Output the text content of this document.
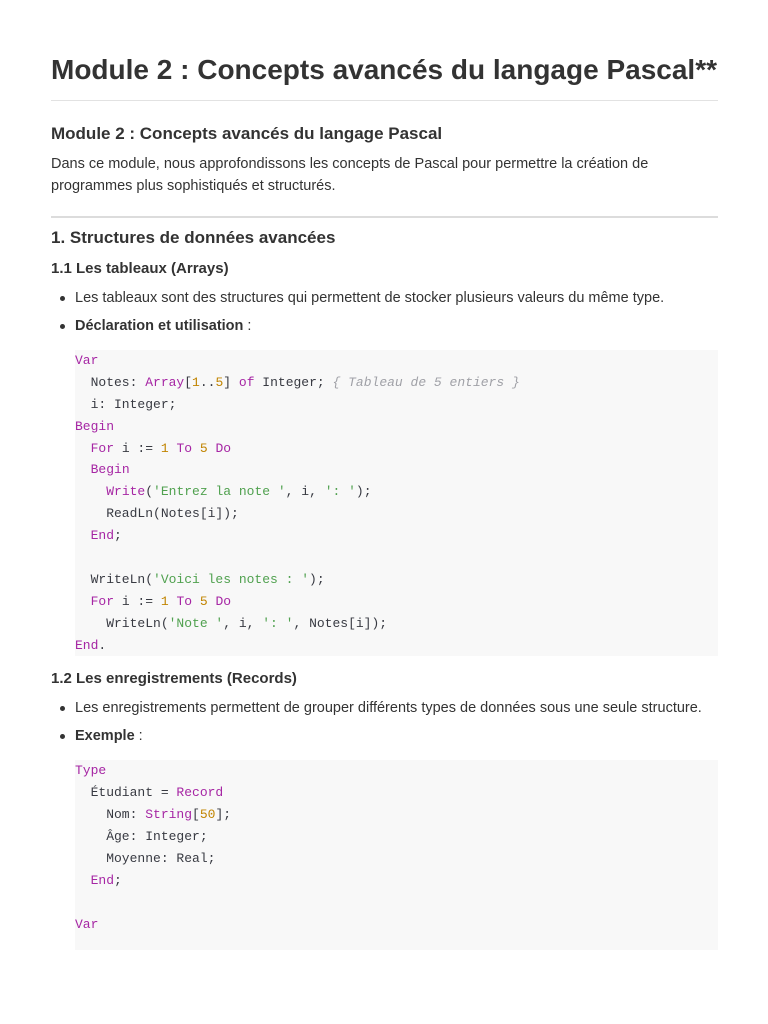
Module 2 : Concepts avancés du langage Pascal**
Module 2 : Concepts avancés du langage Pascal

Dans ce module, nous approfondissons les concepts de Pascal pour permettre la création de programmes plus sophistiqués et structurés.

1. Structures de données avancées
1.1 Les tableaux (Arrays)
Les tableaux sont des structures qui permettent de stocker plusieurs valeurs du même type.
Déclaration et utilisation :
Var
Notes: Array[1..5] of Integer; { Tableau de 5 entiers }
i: Integer;
Begin
For i := 1 To 5 Do
Begin
Write('Entrez la note ', i, ': ');
ReadLn(Notes[i]);
End;
WriteLn('Voici les notes : ');
For i := 1 To 5 Do
WriteLn('Note ', i, ': ', Notes[i]);
End.
1.2 Les enregistrements (Records)
Les enregistrements permettent de grouper différents types de données sous une seule structure.
Exemple :
Type
Étudiant = Record
Nom: String[50];
Âge: Integer;
Moyenne: Real;
End;
Var
